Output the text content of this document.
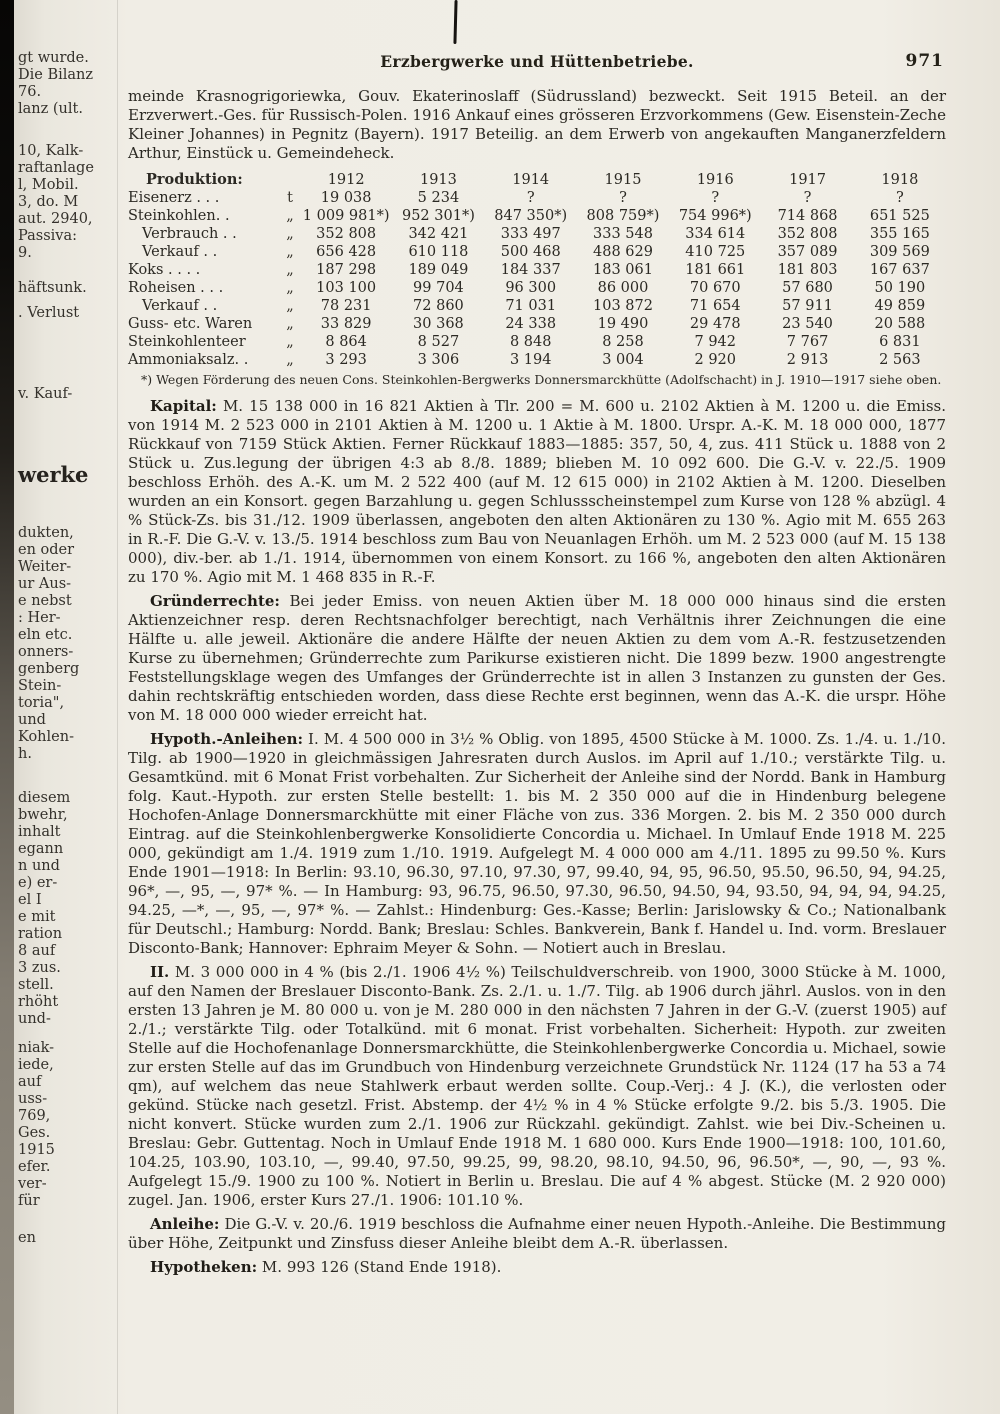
gt wurde.
Die Bilanz
76.
lanz (ult.
10, Kalk-
raftanlage
l, Mobil.
3, do. M
aut. 2940,
Passiva:
9.
häftsunk.
. Verlust
v. Kauf-
werke
dukten,
en oder
Weiter-
ur Aus-
e nebst
: Her-
eln etc.
onners-
genberg
Stein-
toria",
und
Kohlen-
h.
diesem
bwehr,
inhalt
egann
n und
e) er-
el I
e mit
ration
8 auf
3 zus.
stell.
rhöht
und-
niak-
iede,
auf
uss-
769,
Ges.
1915
efer.
ver-
für
en
Erzbergwerke und Hüttenbetriebe.	971

meinde Krasnogrigoriewka, Gouv. Ekaterinoslaff (Südrussland) bezweckt. Seit 1915 Beteil. an der Erzverwert.-Ges. für Russisch-Polen. 1916 Ankauf eines grösseren Erzvorkommens (Gew. Eisenstein-Zeche Kleiner Johannes) in Pegnitz (Bayern). 1917 Beteilig. an dem Erwerb von angekauften Manganerzfeldern Arthur, Einstück u. Gemeindeheck.

Produktion:		1912	1913	1914	1915	1916	1917	1918
Eisenerz . . .	t	19 038	5 234	?	?	?	?	?
Steinkohlen. .	„	1 009 981*)	952 301*)	847 350*)	808 759*)	754 996*)	714 868	651 525
Verbrauch . .	„	352 808	342 421	333 497	333 548	334 614	352 808	355 165
Verkauf . .	„	656 428	610 118	500 468	488 629	410 725	357 089	309 569
Koks . . . .	„	187 298	189 049	184 337	183 061	181 661	181 803	167 637
Roheisen . . .	„	103 100	99 704	96 300	86 000	70 670	57 680	50 190
Verkauf . .	„	78 231	72 860	71 031	103 872	71 654	57 911	49 859
Guss- etc. Waren	„	33 829	30 368	24 338	19 490	29 478	23 540	20 588
Steinkohlenteer	„	8 864	8 527	8 848	8 258	7 942	7 767	6 831
Ammoniaksalz. .	„	3 293	3 306	3 194	3 004	2 920	2 913	2 563

*) Wegen Förderung des neuen Cons. Steinkohlen-Bergwerks Donnersmarckhütte (Adolfschacht) in J. 1910—1917 siehe oben.

Kapital: M. 15 138 000 in 16 821 Aktien à Tlr. 200 = M. 600 u. 2102 Aktien à M. 1200 u. die Emiss. von 1914 M. 2 523 000 in 2101 Aktien à M. 1200 u. 1 Aktie à M. 1800. Urspr. A.-K. M. 18 000 000, 1877 Rückkauf von 7159 Stück Aktien. Ferner Rückkauf 1883—1885: 357, 50, 4, zus. 411 Stück u. 1888 von 2 Stück u. Zus.legung der übrigen 4:3 ab 8./8. 1889; blieben M. 10 092 600. Die G.-V. v. 22./5. 1909 beschloss Erhöh. des A.-K. um M. 2 522 400 (auf M. 12 615 000) in 2102 Aktien à M. 1200. Dieselben wurden an ein Konsort. gegen Barzahlung u. gegen Schlussscheinstempel zum Kurse von 128 % abzügl. 4 % Stück-Zs. bis 31./12. 1909 überlassen, angeboten den alten Aktionären zu 130 %. Agio mit M. 655 263 in R.-F. Die G.-V. v. 13./5. 1914 beschloss zum Bau von Neuanlagen Erhöh. um M. 2 523 000 (auf M. 15 138 000), div.-ber. ab 1./1. 1914, übernommen von einem Konsort. zu 166 %, angeboten den alten Aktionären zu 170 %. Agio mit M. 1 468 835 in R.-F.

Gründerrechte: Bei jeder Emiss. von neuen Aktien über M. 18 000 000 hinaus sind die ersten Aktienzeichner resp. deren Rechtsnachfolger berechtigt, nach Verhältnis ihrer Zeichnungen die eine Hälfte u. alle jeweil. Aktionäre die andere Hälfte der neuen Aktien zu dem vom A.-R. festzusetzenden Kurse zu übernehmen; Gründerrechte zum Parikurse existieren nicht. Die 1899 bezw. 1900 angestrengte Feststellungsklage wegen des Umfanges der Gründerrechte ist in allen 3 Instanzen zu gunsten der Ges. dahin rechtskräftig entschieden worden, dass diese Rechte erst beginnen, wenn das A.-K. die urspr. Höhe von M. 18 000 000 wieder erreicht hat.

Hypoth.-Anleihen: I. M. 4 500 000 in 3½ % Oblig. von 1895, 4500 Stücke à M. 1000. Zs. 1./4. u. 1./10. Tilg. ab 1900—1920 in gleichmässigen Jahresraten durch Auslos. im April auf 1./10.; verstärkte Tilg. u. Gesamtkünd. mit 6 Monat Frist vorbehalten. Zur Sicherheit der Anleihe sind der Nordd. Bank in Hamburg folg. Kaut.-Hypoth. zur ersten Stelle bestellt: 1. bis M. 2 350 000 auf die in Hindenburg belegene Hochofen-Anlage Donnersmarckhütte mit einer Fläche von zus. 336 Morgen. 2. bis M. 2 350 000 durch Eintrag. auf die Steinkohlenbergwerke Konsolidierte Concordia u. Michael. In Umlauf Ende 1918 M. 225 000, gekündigt am 1./4. 1919 zum 1./10. 1919. Aufgelegt M. 4 000 000 am 4./11. 1895 zu 99.50 %. Kurs Ende 1901—1918: In Berlin: 93.10, 96.30, 97.10, 97.30, 97, 99.40, 94, 95, 96.50, 95.50, 96.50, 94, 94.25, 96*, —, 95, —, 97* %. — In Hamburg: 93, 96.75, 96.50, 97.30, 96.50, 94.50, 94, 93.50, 94, 94, 94, 94.25, 94.25, —*, —, 95, —, 97* %. — Zahlst.: Hindenburg: Ges.-Kasse; Berlin: Jarislowsky & Co.; Nationalbank für Deutschl.; Hamburg: Nordd. Bank; Breslau: Schles. Bankverein, Bank f. Handel u. Ind. vorm. Breslauer Disconto-Bank; Hannover: Ephraim Meyer & Sohn. — Notiert auch in Breslau.

II. M. 3 000 000 in 4 % (bis 2./1. 1906 4½ %) Teilschuldverschreib. von 1900, 3000 Stücke à M. 1000, auf den Namen der Breslauer Disconto-Bank. Zs. 2./1. u. 1./7. Tilg. ab 1906 durch jährl. Auslos. von in den ersten 13 Jahren je M. 80 000 u. von je M. 280 000 in den nächsten 7 Jahren in der G.-V. (zuerst 1905) auf 2./1.; verstärkte Tilg. oder Totalkünd. mit 6 monat. Frist vorbehalten. Sicherheit: Hypoth. zur zweiten Stelle auf die Hochofenanlage Donnersmarckhütte, die Steinkohlenbergwerke Concordia u. Michael, sowie zur ersten Stelle auf das im Grundbuch von Hindenburg verzeichnete Grundstück Nr. 1124 (17 ha 53 a 74 qm), auf welchem das neue Stahlwerk erbaut werden sollte. Coup.-Verj.: 4 J. (K.), die verlosten oder gekünd. Stücke nach gesetzl. Frist. Abstemp. der 4½ % in 4 % Stücke erfolgte 9./2. bis 5./3. 1905. Die nicht konvert. Stücke wurden zum 2./1. 1906 zur Rückzahl. gekündigt. Zahlst. wie bei Div.-Scheinen u. Breslau: Gebr. Guttentag. Noch in Umlauf Ende 1918 M. 1 680 000. Kurs Ende 1900—1918: 100, 101.60, 104.25, 103.90, 103.10, —, 99.40, 97.50, 99.25, 99, 98.20, 98.10, 94.50, 96, 96.50*, —, 90, —, 93 %. Aufgelegt 15./9. 1900 zu 100 %. Notiert in Berlin u. Breslau. Die auf 4 % abgest. Stücke (M. 2 920 000) zugel. Jan. 1906, erster Kurs 27./1. 1906: 101.10 %.

Anleihe: Die G.-V. v. 20./6. 1919 beschloss die Aufnahme einer neuen Hypoth.-Anleihe. Die Bestimmung über Höhe, Zeitpunkt und Zinsfuss dieser Anleihe bleibt dem A.-R. überlassen.

Hypotheken: M. 993 126 (Stand Ende 1918).
